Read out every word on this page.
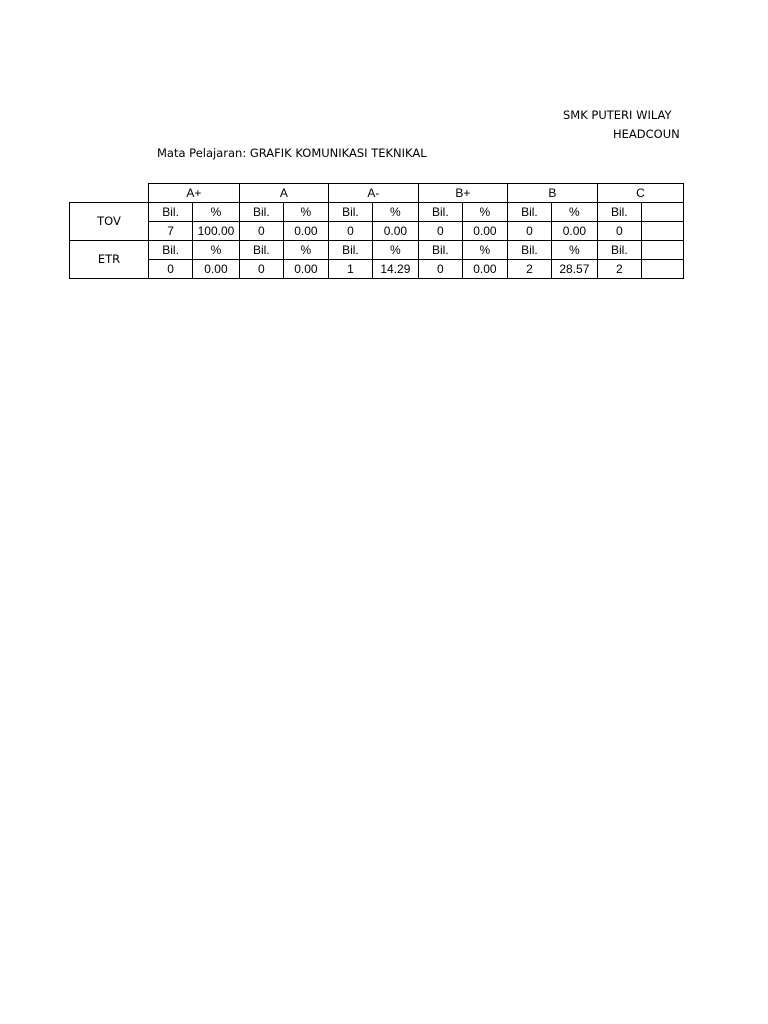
SMK PUTERI WILAY
HEADCOUN
Mata Pelajaran: GRAFIK KOMUNIKASI TEKNIKAL
	A+		A		A-		B+		B		C	
TOV	Bil.	%	Bil.	%	Bil.	%	Bil.	%	Bil.	%	Bil.	
	7	100.00	0	0.00	0	0.00	0	0.00	0	0.00	0	
ETR	Bil.	%	Bil.	%	Bil.	%	Bil.	%	Bil.	%	Bil.	
	0	0.00	0	0.00	1	14.29	0	0.00	2	28.57	2	
